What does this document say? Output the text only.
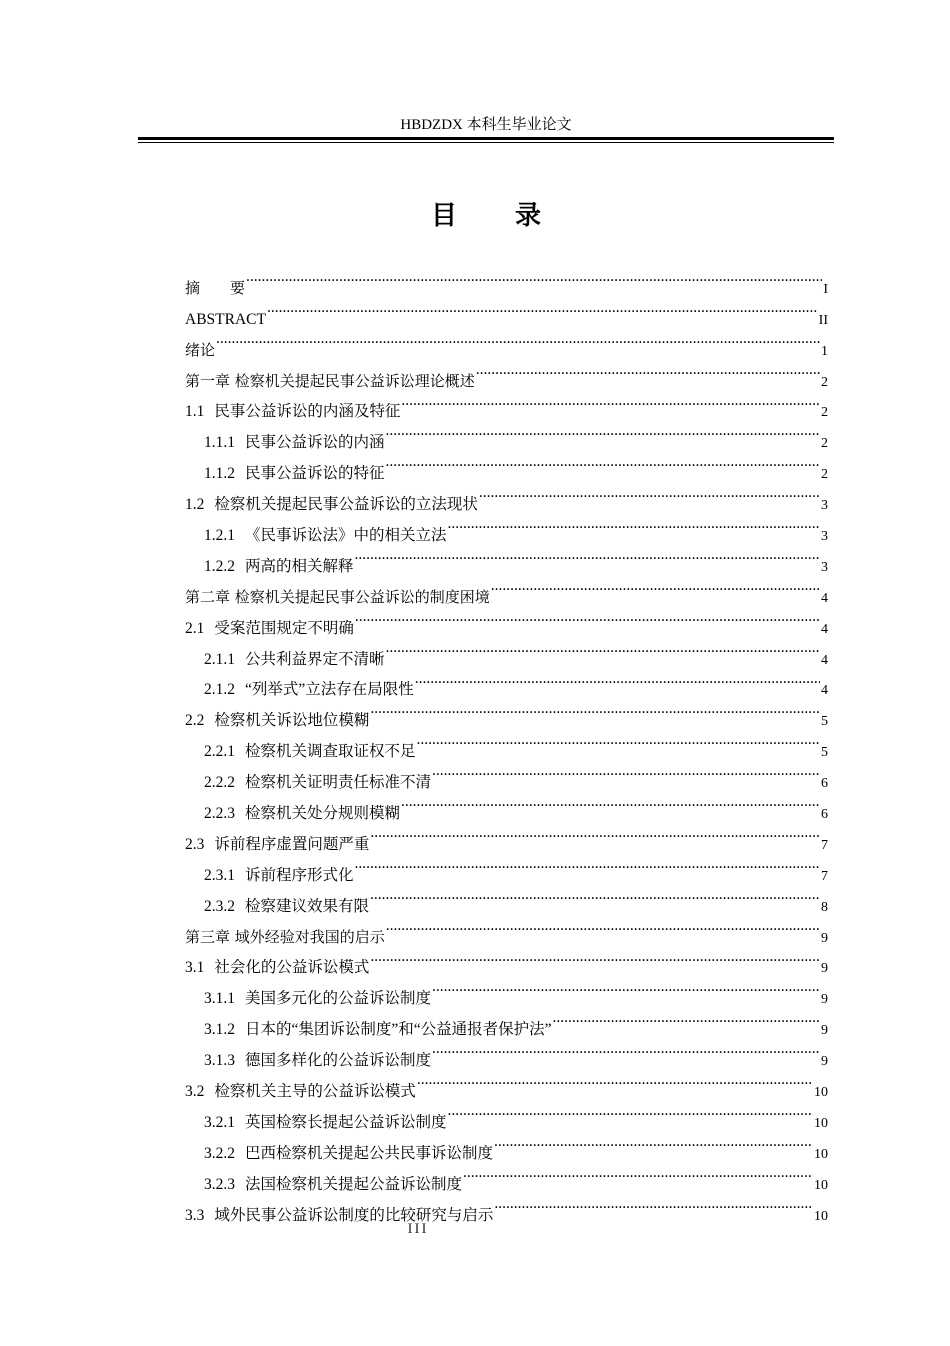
HBDZDX 本科生毕业论文
目录
摘　　要 .....	I
ABSTRACT .....	II
绪论 .....	1
第一章 检察机关提起民事公益诉讼理论概述 .....	2
1.1 民事公益诉讼的内涵及特征 .....	2
1.1.1 民事公益诉讼的内涵 .....	2
1.1.2 民事公益诉讼的特征 .....	2
1.2 检察机关提起民事公益诉讼的立法现状 .....	3
1.2.1 《民事诉讼法》中的相关立法 .....	3
1.2.2 两高的相关解释 .....	3
第二章 检察机关提起民事公益诉讼的制度困境 .....	4
2.1 受案范围规定不明确 .....	4
2.1.1 公共利益界定不清晰 .....	4
2.1.2 “列举式”立法存在局限性 .....	4
2.2 检察机关诉讼地位模糊 .....	5
2.2.1 检察机关调查取证权不足 .....	5
2.2.2 检察机关证明责任标准不清 .....	6
2.2.3 检察机关处分规则模糊 .....	6
2.3 诉前程序虚置问题严重 .....	7
2.3.1 诉前程序形式化 .....	7
2.3.2 检察建议效果有限 .....	8
第三章 域外经验对我国的启示 .....	9
3.1 社会化的公益诉讼模式 .....	9
3.1.1 美国多元化的公益诉讼制度 .....	9
3.1.2 日本的“集团诉讼制度”和“公益通报者保护法” .....	9
3.1.3 德国多样化的公益诉讼制度 .....	9
3.2 检察机关主导的公益诉讼模式 .....	10
3.2.1 英国检察长提起公益诉讼制度 .....	10
3.2.2 巴西检察机关提起公共民事诉讼制度 .....	10
3.2.3 法国检察机关提起公益诉讼制度 .....	10
3.3 域外民事公益诉讼制度的比较研究与启示 .....	10
III
